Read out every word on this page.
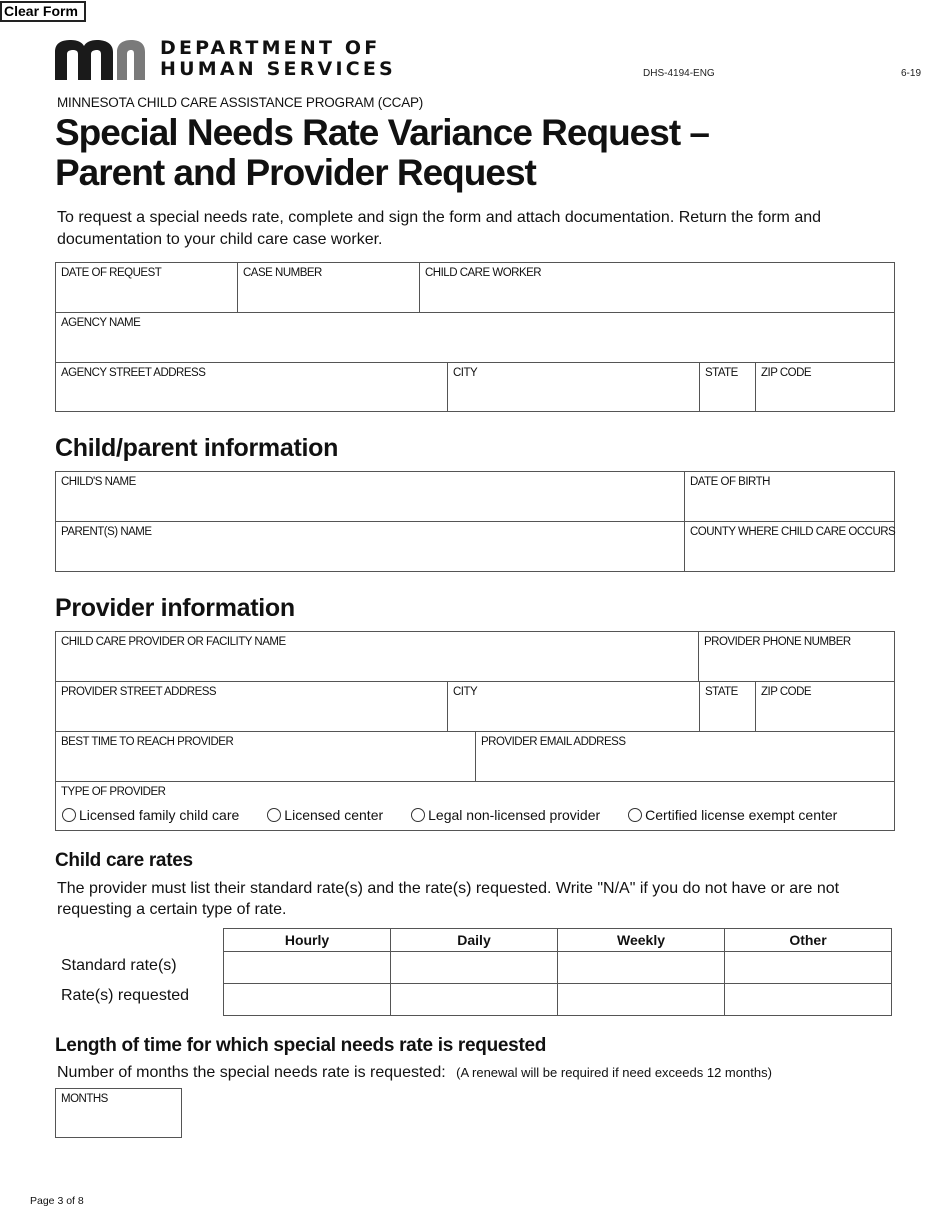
Clear Form
DEPARTMENT OF
HUMAN SERVICES	DHS-4194-ENG	6-19
MINNESOTA CHILD CARE ASSISTANCE PROGRAM (CCAP)
Special Needs Rate Variance Request –
Parent and Provider Request
To request a special needs rate, complete and sign the form and attach documentation. Return the form and documentation to your child care case worker.
DATE OF REQUEST	CASE NUMBER	CHILD CARE WORKER
AGENCY NAME
AGENCY STREET ADDRESS	CITY	STATE ZIP CODE
Child/parent information
CHILD'S NAME	DATE OF BIRTH
PARENT(S) NAME	COUNTY WHERE CHILD CARE OCCURS
Provider information
CHILD CARE PROVIDER OR FACILITY NAME	PROVIDER PHONE NUMBER
PROVIDER STREET ADDRESS	CITY	STATE ZIP CODE
BEST TIME TO REACH PROVIDER	PROVIDER EMAIL ADDRESS
TYPE OF PROVIDER
Licensed family child care	Licensed center	Legal non-licensed provider	Certified license exempt center
Child care rates
The provider must list their standard rate(s) and the rate(s) requested. Write "N/A" if you do not have or are not requesting a certain type of rate.
Hourly	Daily	Weekly	Other

Standard rate(s)
Rate(s) requested
Length of time for which special needs rate is requested
Number of months the special needs rate is requested: (A renewal will be required if need exceeds 12 months)
MONTHS
Page 3 of 8
